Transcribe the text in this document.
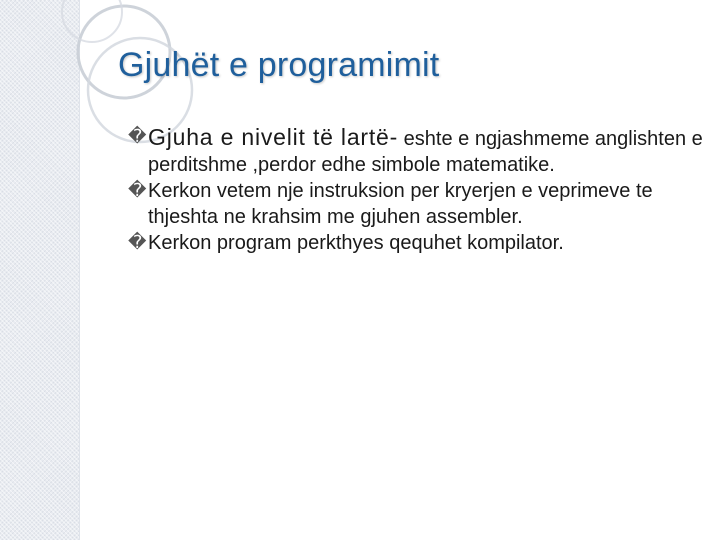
Gjuhët e programimit
� Gjuha e nivelit të lartë- eshte e ngjashmeme anglishten e perditshme ,perdor edhe simbole matematike.
� Kerkon vetem nje instruksion per kryerjen e veprimeve te thjeshta ne krahsim me gjuhen assembler.
� Kerkon program perkthyes qequhet kompilator.
